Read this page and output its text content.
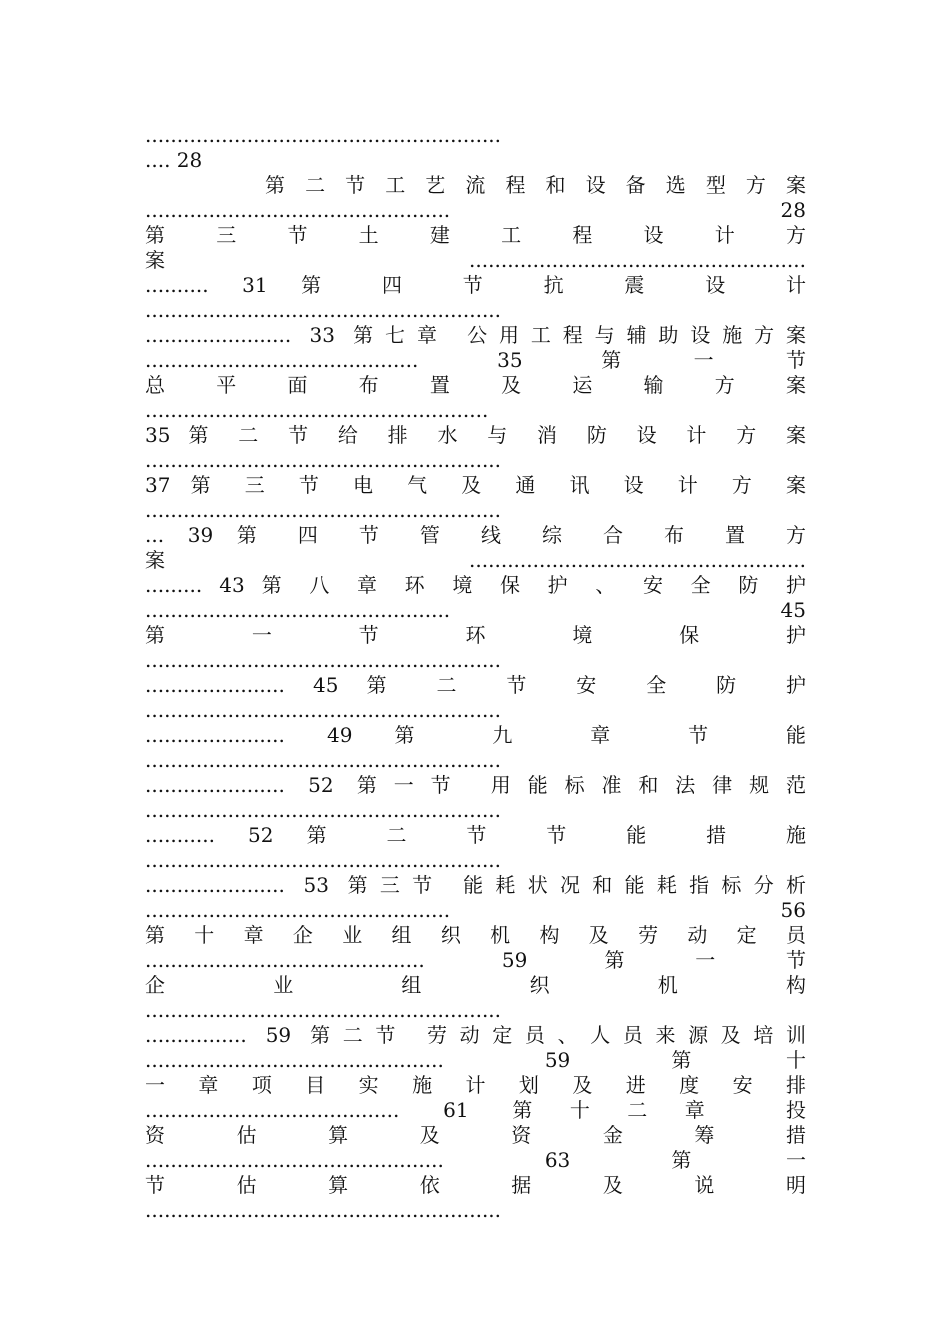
........................................................
.... 28
第 二 节 工 艺 流 程 和 设 备 选 型 方 案
................................................ 28
第 三 节 土 建 工 程 设 计 方
案.....................................................
.......... 31 第 四 节 抗 震 设 计
........................................................
....................... 33 第七章 公用工程与辅助设施方案
........................................... 35 第一节
总 平 面 布 置 及 运 输 方 案
......................................................
35 第 二 节 给 排 水 与 消 防 设 计 方 案
........................................................
37 第 三 节 电 气 及 通 讯 设 计 方 案
........................................................
... 39 第 四 节 管 线 综 合 布 置 方
案.....................................................
......... 43 第 八 章 环 境 保 护 、 安 全 防 护
................................................ 45
第 一 节 环 境 保 护
........................................................
...................... 45 第 二 节 安 全 防 护
........................................................
...................... 49 第 九 章 节 能
........................................................
...................... 52 第一节 用能标准和法律规范
........................................................
........... 52 第 二 节 节 能 措 施
........................................................
...................... 53 第三节 能耗状况和能耗指标分析
................................................ 56
第 十 章 企 业 组 织 机 构 及 劳 动 定 员
............................................ 59 第一节
企 业 组 织 机 构
........................................................
................ 59 第二节 劳动定员、人员来源及培训
............................................... 59 第十
一 章 项 目 实 施 计 划 及 进 度 安 排
........................................ 61 第十二章 投
资 估 算 及 资 金 筹 措
............................................... 63 第一
节 估 算 依 据 及 说 明
........................................................
